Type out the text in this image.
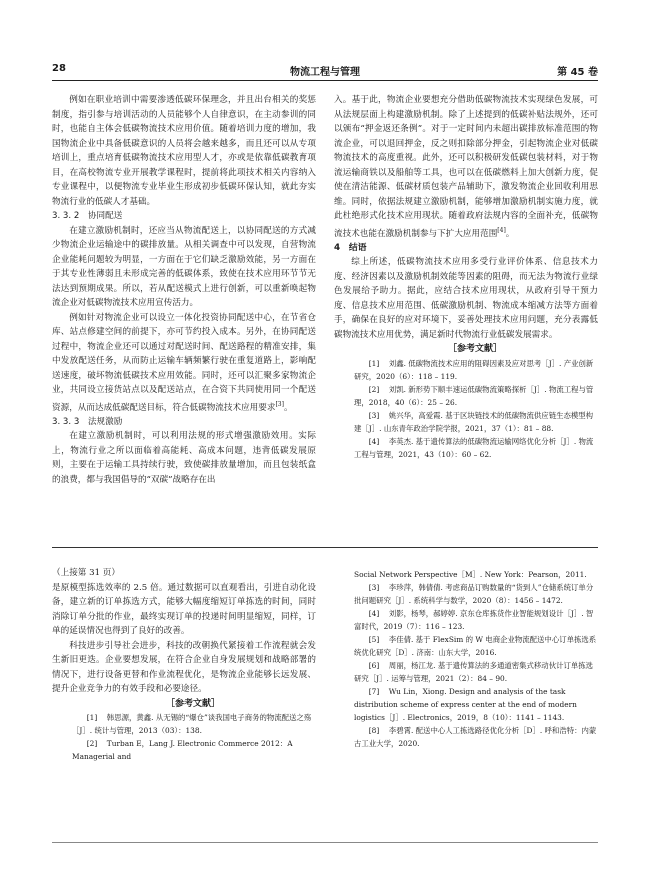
28	物流工程与管理	第 45 卷

例如在职业培训中需要渗透低碳环保理念，并且出台相关的奖惩制度，指引参与培训活动的人员能够个人自律意识，在主动参训的同时，也能自主体会低碳物流技术应用价值。随着培训力度的增加，我国物流企业中具备低碳意识的人员将会越来越多，而且还可以从专项培训上，重点培育低碳物流技术应用型人才，亦或是依靠低碳教育项目，在高校物流专业开展教学课程时，提前将此项技术相关内容纳入专业课程中，以便物流专业毕业生形成初步低碳环保认知，就此夯实物流行业的低碳人才基础。

3. 3. 2　协同配送

在建立激励机制时，还应当从物流配送上，以协同配送的方式减少物流企业运输途中的碳排放量。从相关调查中可以发现，自营物流企业能耗问题较为明显，一方面在于它们缺乏激励效能，另一方面在于其专业性薄弱且未形成完善的低碳体系，致使在技术应用环节节无法达到预期成果。所以，若从配送模式上进行创新，可以重新唤起物流企业对低碳物流技术应用宣传活力。

例如针对物流企业可以设立一体化投资协同配送中心，在节省仓库、站点修建空间的前提下，亦可节约投入成本。另外，在协同配送过程中，物流企业还可以通过对配送时间、配送路程的精准安排，集中发放配送任务，从而防止运输车辆频繁行驶在重复道路上，影响配送速度，破坏物流低碳技术应用效能。同时，还可以汇聚多家物流企业，共同设立接货站点以及配送站点，在合资下共同使用同一个配送资源，从而达成低碳配送目标，符合低碳物流技术应用要求[3]。

3. 3. 3　法规激励

在建立激励机制时，可以利用法规的形式增强激励效用。实际上，物流行业之所以面临着高能耗、高成本问题，违背低碳发展原则，主要在于运输工具持续行驶，致使碳排放量增加，而且包装纸盒的浪费，都与我国倡导的“双碳”战略存在出

入。基于此，物流企业要想充分借助低碳物流技术实现绿色发展，可从法规层面上构建激励机制。除了上述提到的低碳补贴法规外，还可以颁布“押金返还条例”。对于一定时间内未超出碳排放标准范围的物流企业，可以退回押金，反之则扣除部分押金，引起物流企业对低碳物流技术的高度重视。此外，还可以积极研发低碳包装材料，对于物流运输商铁以及船舶等工具，也可以在低碳燃料上加大创新力度，促使在清洁能源、低碳材质包装产品辅助下，激发物流企业回收利用思维。同时，依据法规建立激励机制，能够增加激励机制实施力度，就此杜绝形式化技术应用现状。随着政府法规内容的全面补充，低碳物流技术也能在激励机制参与下扩大应用范围[4]。

4　结语

综上所述，低碳物流技术应用多受行业评价体系、信息技术力度、经济因素以及激励机制效能等因素的阻碍，而无法为物流行业绿色发展给予助力。据此，应结合技术应用现状，从政府引导干预力度、信息技术应用范围、低碳激励机制、物流成本缩减方法等方面着手，确保在良好的应对环境下，妥善处理技术应用问题，充分表露低碳物流技术应用优势，满足新时代物流行业低碳发展需求。

［参考文献］

[1] 刘鑫. 低碳物流技术应用的阻碍因素及应对思考［J］. 产业创新研究，2020（6）：118 – 119.

[2] 刘凯. 新形势下顺丰速运低碳物流策略探析［J］. 物流工程与管理，2018，40（6）：25 – 26.

[3] 姚兴华，高爱霞. 基于区块链技术的低碳物流供应链生态模型构建［J］. 山东青年政治学院学报，2021，37（1）：81 – 88.

[4] 李英杰. 基于遗传算法的低碳物流运输网络优化分析［J］. 物流工程与管理，2021，43（10）：60 – 62.

（上接第 31 页）

是原模型拣选效率的 2.5 倍。通过数据可以直观看出，引进自动化设备，建立新的订单拣选方式，能够大幅度缩短订单拣选的时间，同时消除订单分批的作业，最终实现订单的投递时间明显缩短，同样，订单的延误情况也得到了良好的改善。

科技进步引导社会进步，科技的改朝换代紧接着工作流程就会发生新旧更迭。企业要想发展，在符合企业自身发展规划和战略部署的情况下，进行设备更替和作业流程优化，是物流企业能够长远发展、提升企业竞争力的有效手段和必要途径。

［参考文献］

[1] 韩思源，黄鑫. 从无锡的“爆仓”谈我国电子商务的物流配送之殇［J］. 统计与管理，2013（03）：138.

[2] Turban E，Lang J. Electronic Commerce 2012：A Managerial and

Social Network Perspective［M］. New York：Pearson，2011.

[3] 李珍萍，韩倩倩. 考虑商品订购数量的“货到人”仓储系统订单分批问题研究［J］. 系统科学与数学，2020（8）：1456 – 1472.

[4] 刘影，杨琴，郝婷婷. 京东仓库拣货作业智能规划设计［J］. 智富时代，2019（7）：116 – 123.

[5] 李佳倩. 基于 FlexSim 的 W 电商企业物流配送中心订单拣选系统优化研究［D］. 济南：山东大学，2016.

[6] 周丽，杨江龙. 基于遗传算法的多通道密集式移动伙计订单拣选研究［J］. 运筹与管理，2021（2）：84 – 90.

[7] Wu Lin，Xiong. Design and analysis of the task distribution scheme of express center at the end of modern logistics［J］. Electronics，2019，8（10）：1141 – 1143.

[8] 李碧霄. 配送中心人工拣选路径优化分析［D］. 呼和浩特：内蒙古工业大学，2020.
